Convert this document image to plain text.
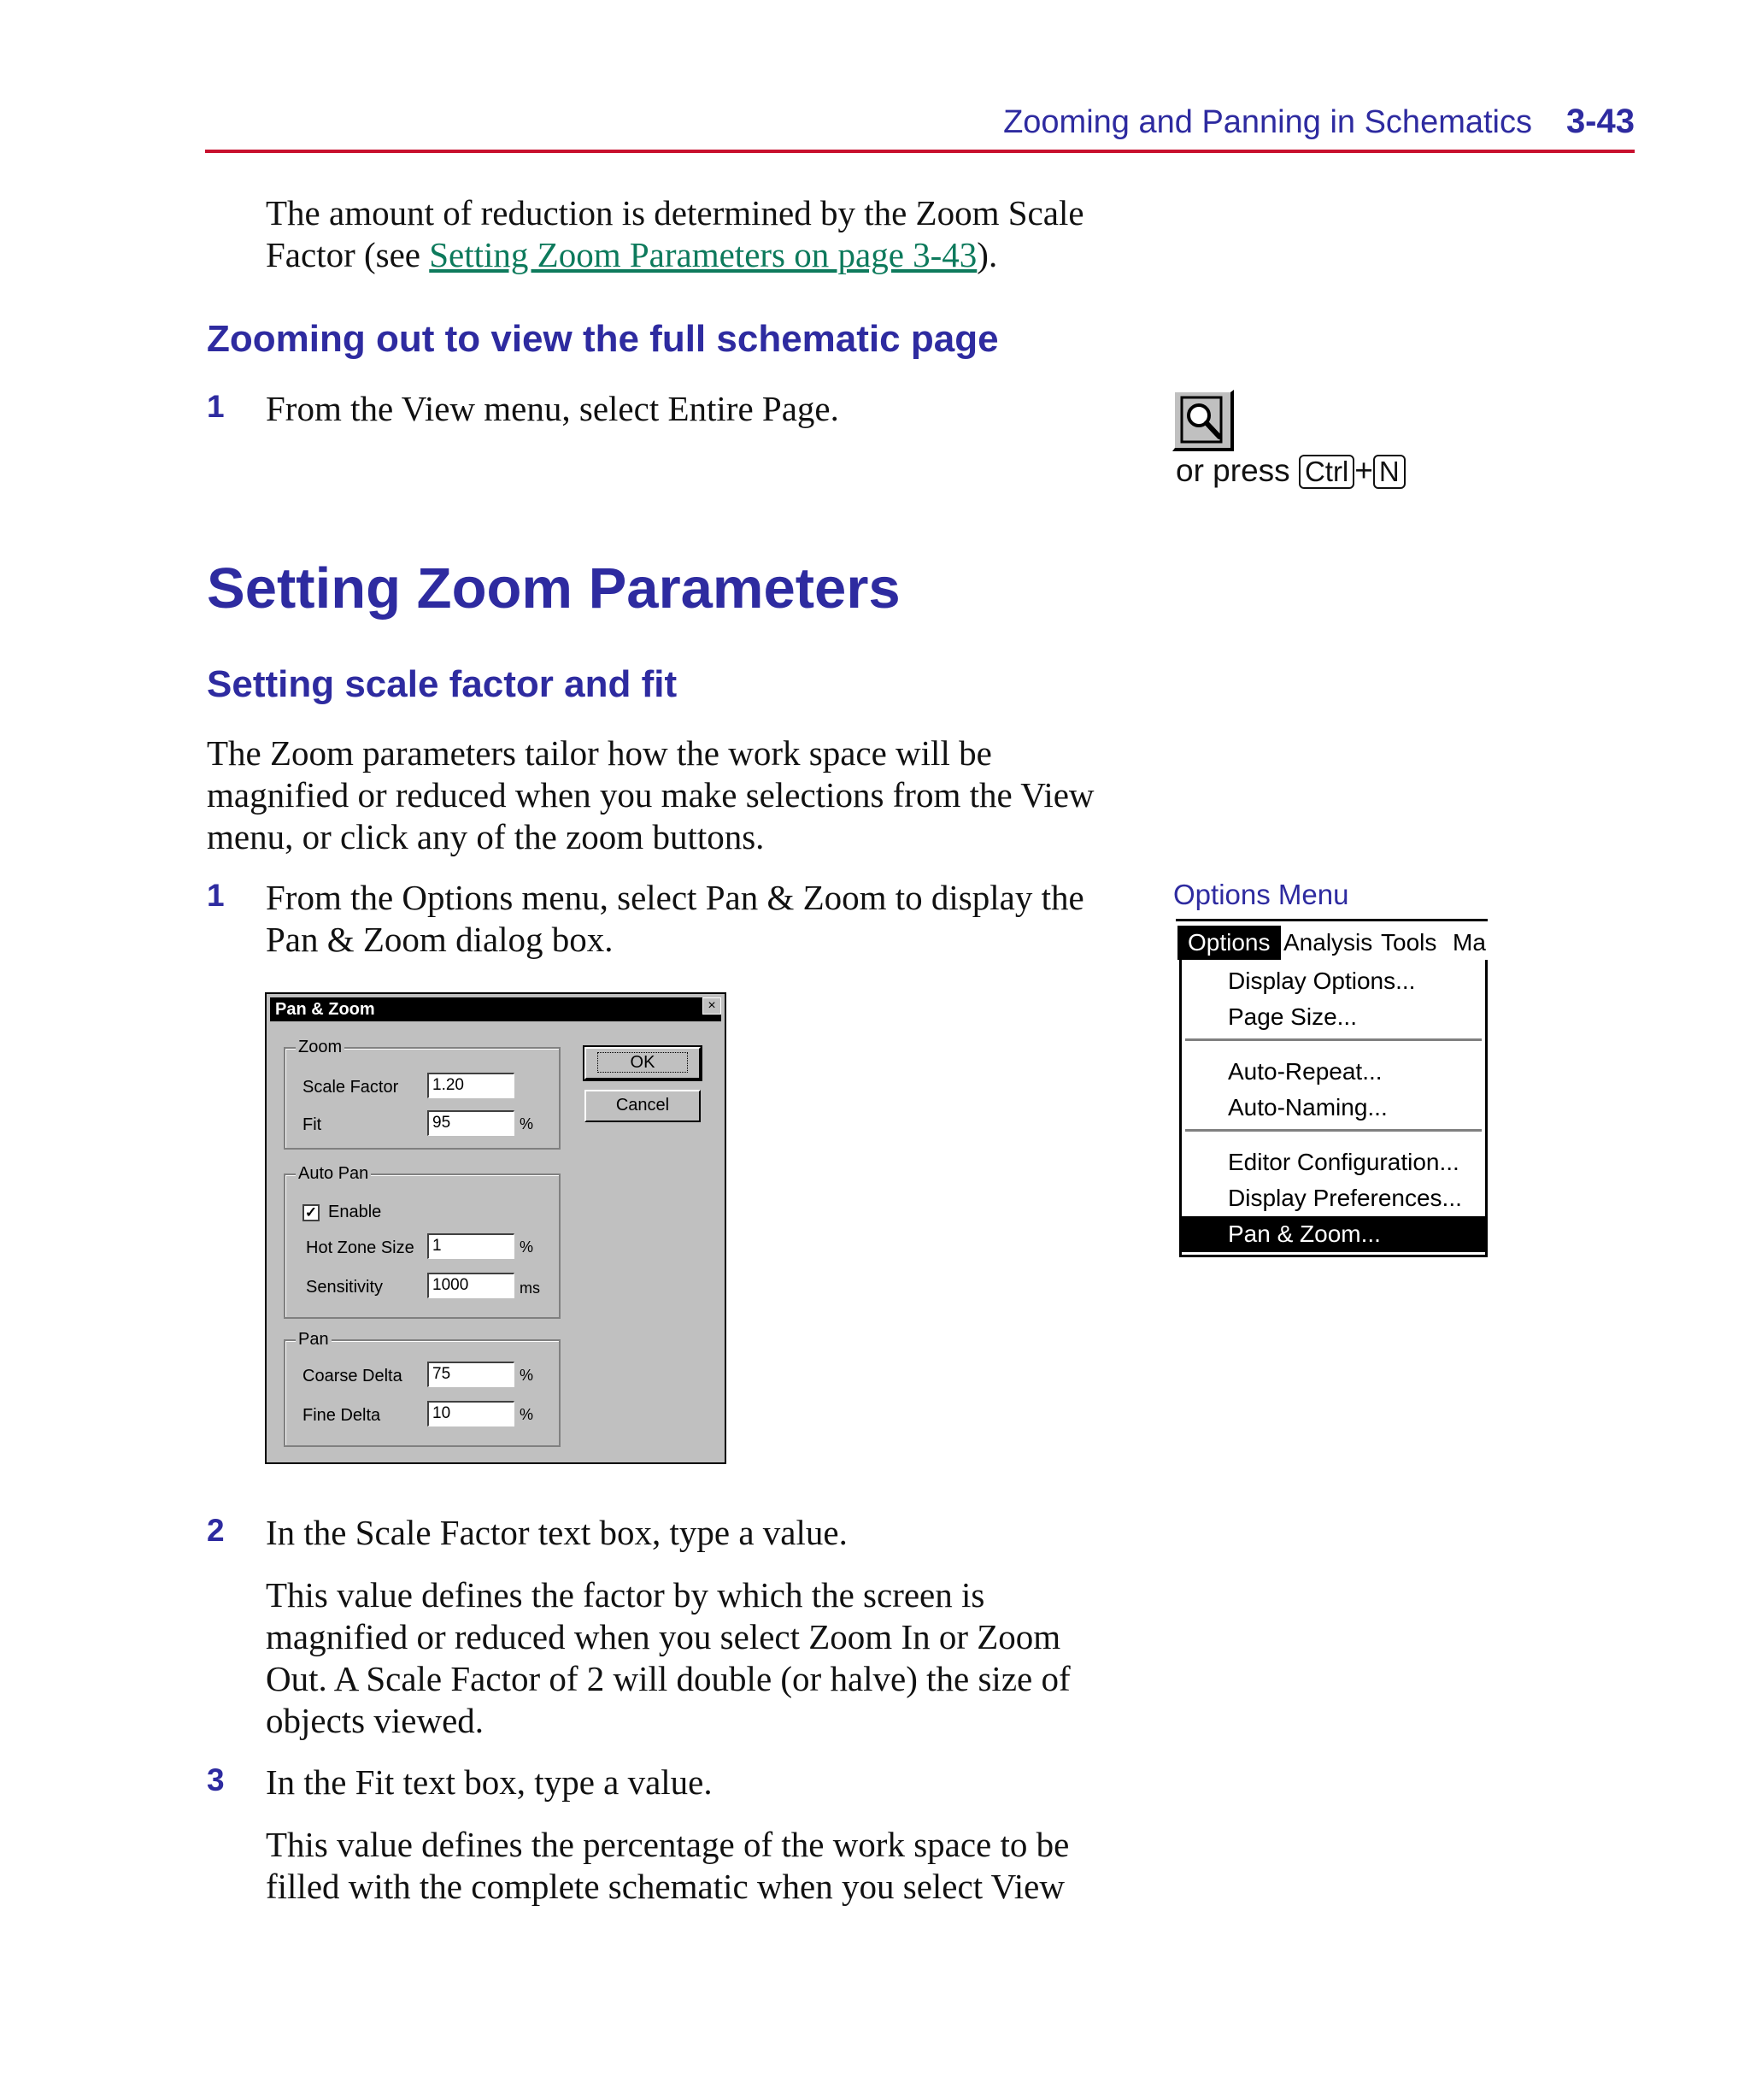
Zooming and Panning in Schematics 3-43

The amount of reduction is determined by the Zoom Scale Factor (see Setting Zoom Parameters on page 3-43).

Zooming out to view the full schematic page
1 From the View menu, select Entire Page.
or press Ctrl + N
Setting Zoom Parameters
Setting scale factor and fit
The Zoom parameters tailor how the work space will be magnified or reduced when you make selections from the View menu, or click any of the zoom buttons.
1 From the Options menu, select Pan & Zoom to display the Pan & Zoom dialog box.
Pan & Zoom	×
Zoom
Scale Factor	1.20
Fit	95	%
Auto Pan
✓ Enable
Hot Zone Size	1	%
Sensitivity	1000	ms
Pan
Coarse Delta	75	%
Fine Delta	10	%
OK
Cancel
Options Menu
Options Analysis Tools Ma
Display Options...
Page Size...
Auto-Repeat...
Auto-Naming...
Editor Configuration...
Display Preferences...
Pan & Zoom...
2 In the Scale Factor text box, type a value.
This value defines the factor by which the screen is magnified or reduced when you select Zoom In or Zoom Out. A Scale Factor of 2 will double (or halve) the size of objects viewed.
3 In the Fit text box, type a value.
This value defines the percentage of the work space to be filled with the complete schematic when you select View
